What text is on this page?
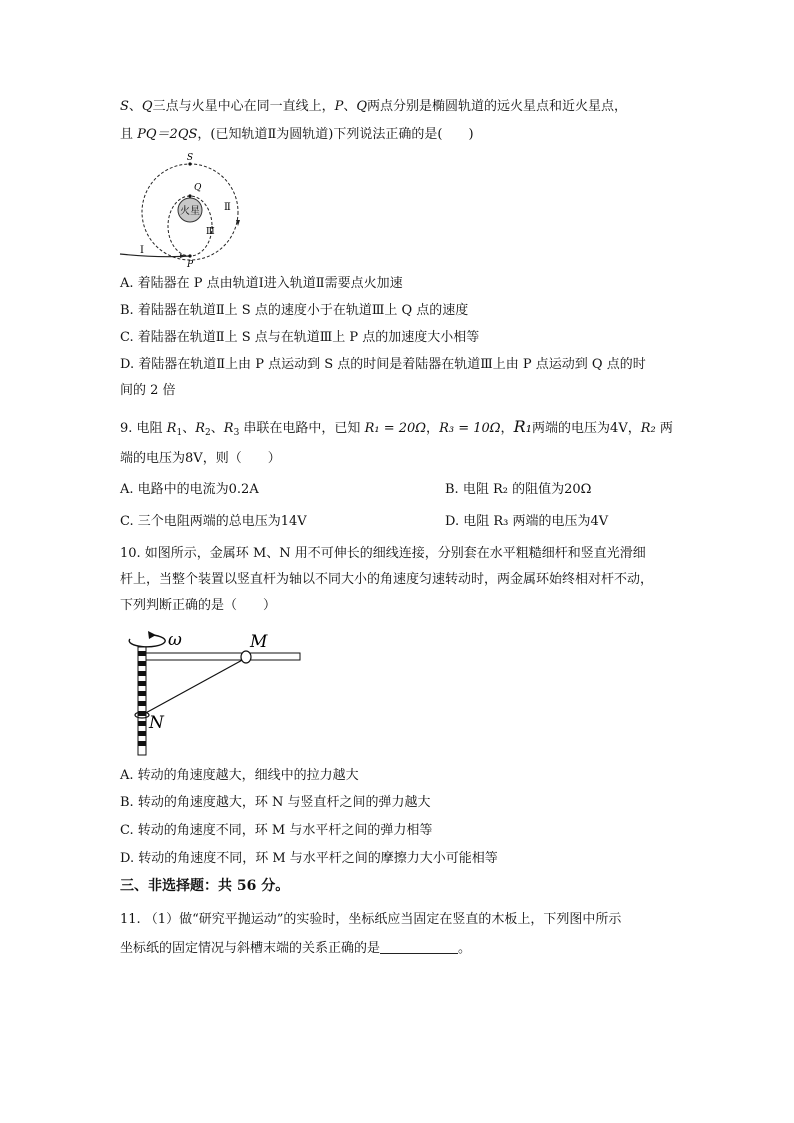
S、Q三点与火星中心在同一直线上，P、Q两点分别是椭圆轨道的远火星点和近火星点，
且 PQ＝2QS，(已知轨道Ⅱ为圆轨道)下列说法正确的是(　　)
火星
S
Q
P
Ⅰ
Ⅱ
Ⅲ
A. 着陆器在 P 点由轨道Ⅰ进入轨道Ⅱ需要点火加速
B. 着陆器在轨道Ⅱ上 S 点的速度小于在轨道Ⅲ上 Q 点的速度
C. 着陆器在轨道Ⅱ上 S 点与在轨道Ⅲ上 P 点的加速度大小相等
D. 着陆器在轨道Ⅱ上由 P 点运动到 S 点的时间是着陆器在轨道Ⅲ上由 P 点运动到 Q 点的时
间的 2 倍
9. 电阻 $R_1$、$R_2$、$R_3$ 串联在电路中，已知 R₁ = 20Ω，R₃ = 10Ω，R₁两端的电压为4V，R₂ 两
端的电压为8V，则（　　）
A. 电路中的电流为0.2A	B. 电阻 R₂ 的阻值为20Ω
C. 三个电阻两端的总电压为14V	D. 电阻 R₃ 两端的电压为4V
10. 如图所示，金属环 M、N 用不可伸长的细线连接，分别套在水平粗糙细杆和竖直光滑细
杆上，当整个装置以竖直杆为轴以不同大小的角速度匀速转动时，两金属环始终相对杆不动，
下列判断正确的是（　　）
ω	M
N
A. 转动的角速度越大，细线中的拉力越大
B. 转动的角速度越大，环 N 与竖直杆之间的弹力越大
C. 转动的角速度不同，环 M 与水平杆之间的弹力相等
D. 转动的角速度不同，环 M 与水平杆之间的摩擦力大小可能相等
三、非选择题：共 56 分。
11. （1）做“研究平抛运动”的实验时，坐标纸应当固定在竖直的木板上，下列图中所示
坐标纸的固定情况与斜槽末端的关系正确的是	。
